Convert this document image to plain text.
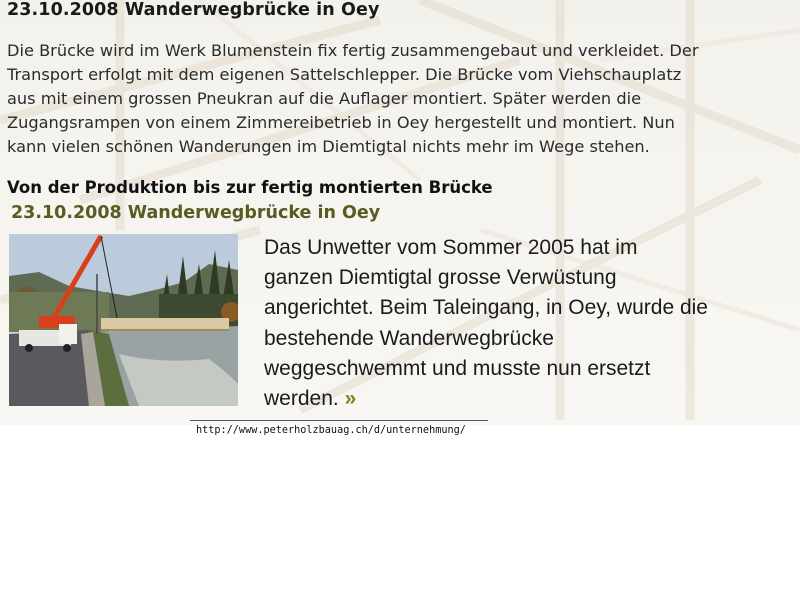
23.10.2008 Wanderwegbrücke in Oey
Die Brücke wird im Werk Blumenstein fix fertig zusammengebaut und verkleidet. Der
Transport erfolgt mit dem eigenen Sattelschlepper. Die Brücke vom Viehschauplatz
aus mit einem grossen Pneukran auf die Auflager montiert. Später werden die
Zugangsrampen von einem Zimmereibetrieb in Oey hergestellt und montiert. Nun
kann vielen schönen Wanderungen im Diemtigtal nichts mehr im Wege stehen.
Von der Produktion bis zur fertig montierten Brücke
23.10.2008 Wanderwegbrücke in Oey
Das Unwetter vom Sommer 2005 hat im
ganzen Diemtigtal grosse Verwüstung
angerichtet. Beim Taleingang, in Oey, wurde die
bestehende Wanderwegbrücke
weggeschwemmt und musste nun ersetzt
werden. »
http://www.peterholzbauag.ch/d/unternehmung/
